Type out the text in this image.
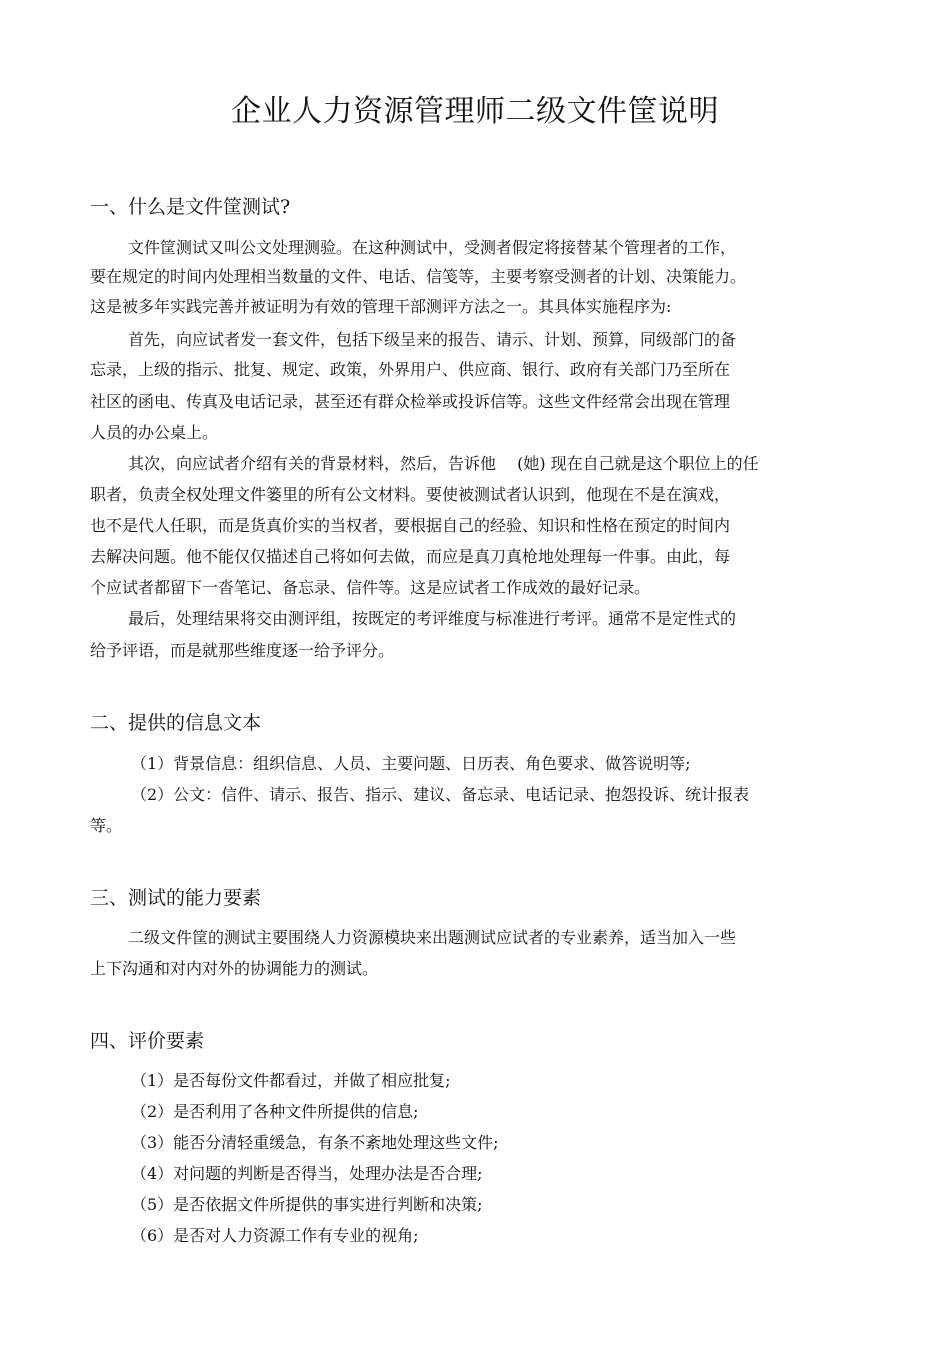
企业人力资源管理师二级文件筐说明
一、什么是文件筐测试?
文件筐测试又叫公文处理测验。在这种测试中，受测者假定将接替某个管理者的工作，
要在规定的时间内处理相当数量的文件、电话、信笺等，主要考察受测者的计划、决策能力。
这是被多年实践完善并被证明为有效的管理干部测评方法之一。其具体实施程序为:
首先，向应试者发一套文件，包括下级呈来的报告、请示、计划、预算，同级部门的备
忘录，上级的指示、批复、规定、政策，外界用户、供应商、银行、政府有关部门乃至所在
社区的函电、传真及电话记录，甚至还有群众检举或投诉信等。这些文件经常会出现在管理
人员的办公桌上。
其次，向应试者介绍有关的背景材料，然后，告诉他　 (她) 现在自己就是这个职位上的任
职者，负责全权处理文件篓里的所有公文材料。要使被测试者认识到，他现在不是在演戏，
也不是代人任职，而是货真价实的当权者，要根据自己的经验、知识和性格在预定的时间内
去解决问题。他不能仅仅描述自己将如何去做，而应是真刀真枪地处理每一件事。由此，每
个应试者都留下一沓笔记、备忘录、信件等。这是应试者工作成效的最好记录。
最后，处理结果将交由测评组，按既定的考评维度与标准进行考评。通常不是定性式的
给予评语，而是就那些维度逐一给予评分。
二、提供的信息文本
（1）背景信息：组织信息、人员、主要问题、日历表、角色要求、做答说明等;
（2）公文：信件、请示、报告、指示、建议、备忘录、电话记录、抱怨投诉、统计报表
等。
三、测试的能力要素
二级文件筐的测试主要围绕人力资源模块来出题测试应试者的专业素养，适当加入一些
上下沟通和对内对外的协调能力的测试。
四、评价要素
（1）是否每份文件都看过，并做了相应批复;
（2）是否利用了各种文件所提供的信息;
（3）能否分清轻重缓急，有条不紊地处理这些文件;
（4）对问题的判断是否得当，处理办法是否合理;
（5）是否依据文件所提供的事实进行判断和决策;
（6）是否对人力资源工作有专业的视角;
